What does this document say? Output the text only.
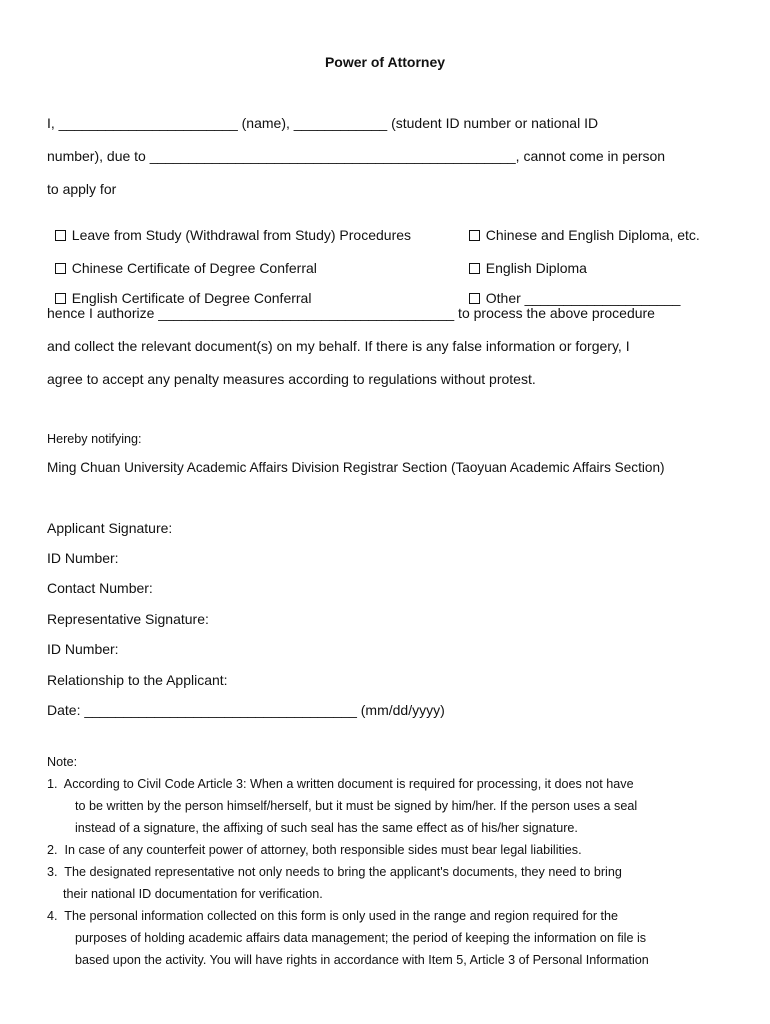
Power of Attorney
I, _______________________ (name), ____________ (student ID number or national ID
number), due to _______________________________________________, cannot come in person
to apply for

Leave from Study (Withdrawal from Study) Procedures	Chinese and English Diploma, etc.

Chinese Certificate of Degree Conferral	English Diploma

English Certificate of Degree Conferral	Other ____________________

hence I authorize ______________________________________ to process the above procedure
and collect the relevant document(s) on my behalf. If there is any false information or forgery, I
agree to accept any penalty measures according to regulations without protest.
Hereby notifying:
Ming Chuan University Academic Affairs Division Registrar Section (Taoyuan Academic Affairs Section)
Applicant Signature:
ID Number:
Contact Number:
Representative Signature:
ID Number:
Relationship to the Applicant:
Date: ___________________________________ (mm/dd/yyyy)
Note:
1.  According to Civil Code Article 3: When a written document is required for processing, it does not have
to be written by the person himself/herself, but it must be signed by him/her. If the person uses a seal
instead of a signature, the affixing of such seal has the same effect as of his/her signature.
2.  In case of any counterfeit power of attorney, both responsible sides must bear legal liabilities.
3.  The designated representative not only needs to bring the applicant's documents, they need to bring
their national ID documentation for verification.
4.  The personal information collected on this form is only used in the range and region required for the
purposes of holding academic affairs data management; the period of keeping the information on file is
based upon the activity. You will have rights in accordance with Item 5, Article 3 of Personal Information
